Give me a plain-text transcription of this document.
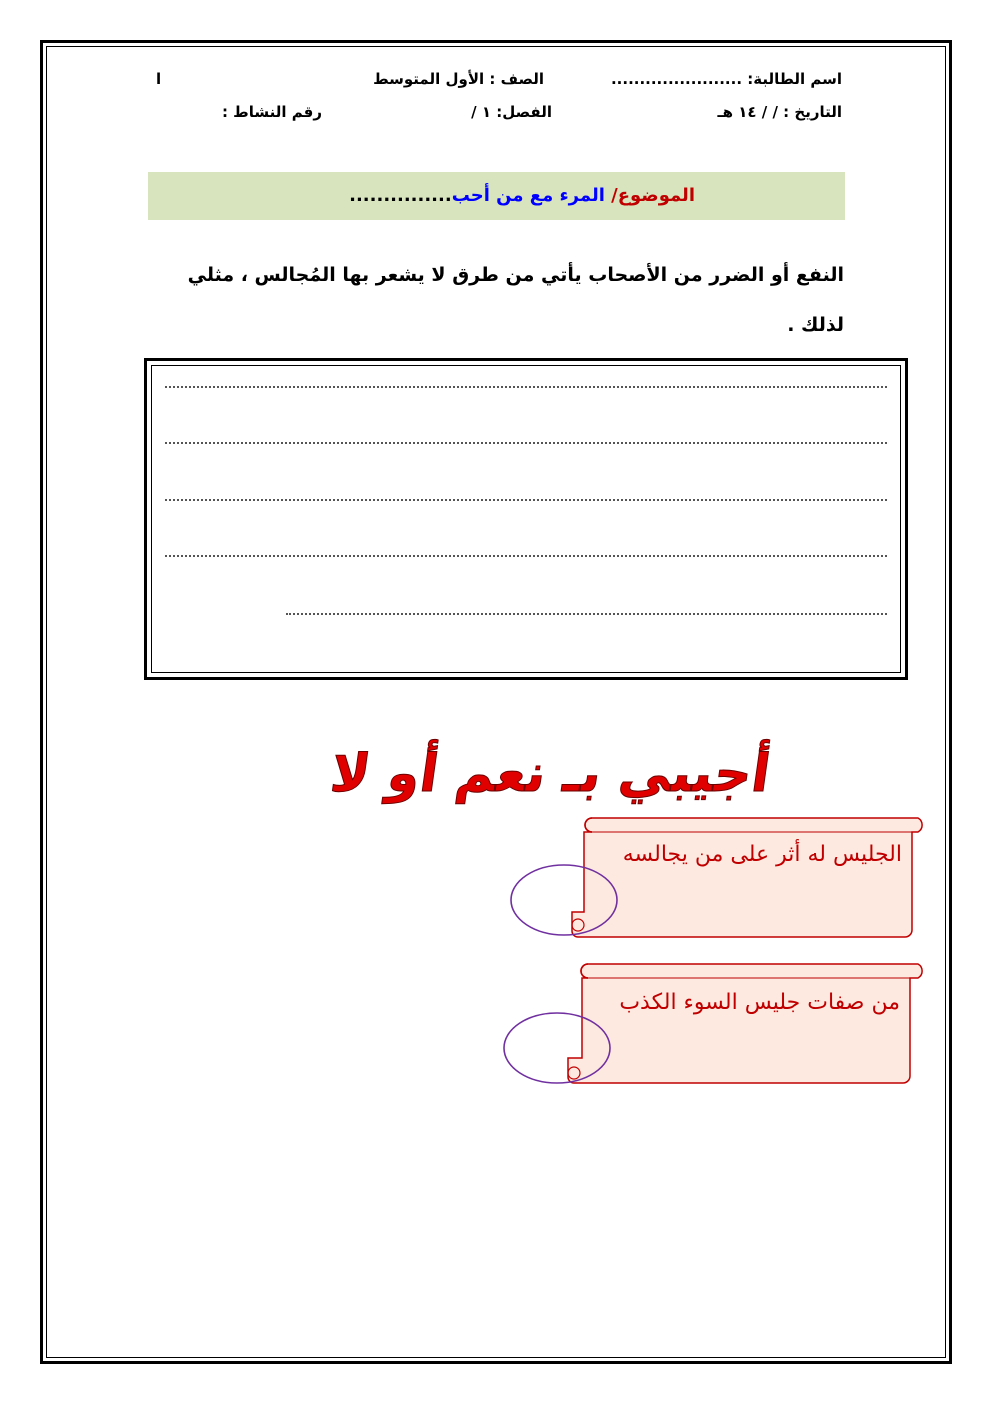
اسم الطالبة: .......................
الصف : الأول المتوسط
ا
التاريخ : / / ١٤ هـ
الفصل: ١ /
رقم النشاط :
الموضوع/ المرء مع من أحب...............
النفع أو الضرر من الأصحاب يأتي من طرق لا يشعر بها المُجالس ، مثلي لذلك .
أجيبي بـ نعم أو لا
الجليس له أثر على من يجالسه
من صفات جليس السوء الكذب
